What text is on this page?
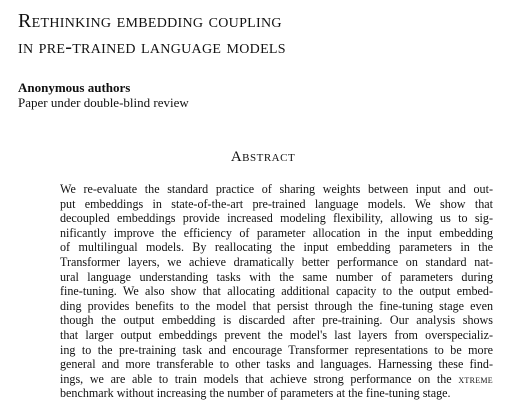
Rethinking embedding coupling
in pre-trained language models
Anonymous authors
Paper under double-blind review
Abstract
We re-evaluate the standard practice of sharing weights between input and out-
put embeddings in state-of-the-art pre-trained language models. We show that
decoupled embeddings provide increased modeling flexibility, allowing us to sig-
nificantly improve the efficiency of parameter allocation in the input embedding
of multilingual models. By reallocating the input embedding parameters in the
Transformer layers, we achieve dramatically better performance on standard nat-
ural language understanding tasks with the same number of parameters during
fine-tuning. We also show that allocating additional capacity to the output embed-
ding provides benefits to the model that persist through the fine-tuning stage even
though the output embedding is discarded after pre-training. Our analysis shows
that larger output embeddings prevent the model's last layers from overspecializ-
ing to the pre-training task and encourage Transformer representations to be more
general and more transferable to other tasks and languages. Harnessing these find-
ings, we are able to train models that achieve strong performance on the xtreme
benchmark without increasing the number of parameters at the fine-tuning stage.
